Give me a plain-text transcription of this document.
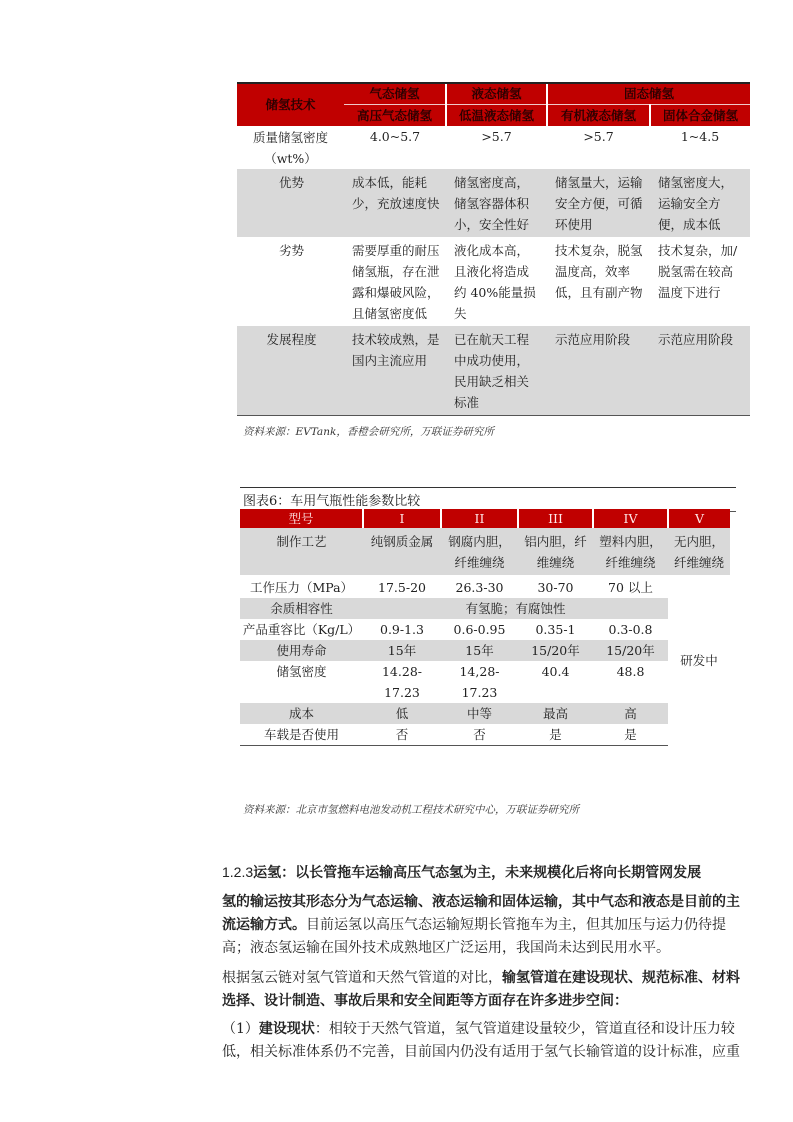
储氢技术	气态储氢	液态储氢	固态储氢	
	高压气态储氢	低温液态储氢	有机液态储氢	固体合金储氢
质量储氢密度（wt%）	4.0~5.7	>5.7	>5.7	1~4.5
优势	成本低，能耗少，充放速度快	储氢密度高，储氢容器体积小，安全性好	储氢量大，运输安全方便，可循环使用	储氢密度大，运输安全方便，成本低
劣势	需要厚重的耐压储氢瓶，存在泄露和爆破风险，且储氢密度低	液化成本高，且液化将造成约 40%能量损失	技术复杂，脱氢温度高，效率低，且有副产物	技术复杂，加/脱氢需在较高温度下进行
发展程度	技术较成熟，是国内主流应用	已在航天工程中成功使用，民用缺乏相关标准	示范应用阶段	示范应用阶段
资料来源：EVTank，香橙会研究所，万联证券研究所
图表6：车用气瓶性能参数比较
型号	I	II	III	IV	V
制作工艺	纯钢质金属	钢腐内胆，纤维缠绕	铝内胆，纤维缠绕	塑料内胆，纤维缠绕	无内胆，纤维缠绕
工作压力（MPa）	17.5-20	26.3-30	30-70	70 以上	研发中
余质相容性	有氢脆；有腐蚀性				
产品重容比（Kg/L）	0.9-1.3	0.6-0.95	0.35-1	0.3-0.8	
使用寿命	15年	15年	15/20年	15/20年	
储氢密度	14.28-17.23	14,28-17.23	40.4	48.8	
成本	低	中等	最高	高	
车载是否使用	否	否	是	是	
资料来源：北京市氢燃料电池发动机工程技术研究中心，万联证券研究所
1.2.3运氢：以长管拖车运输高压气态氢为主，未来规模化后将向长期管网发展
氢的输运按其形态分为气态运输、液态运输和固体运输，其中气态和液态是目前的主流运输方式。目前运氢以高压气态运输短期长管拖车为主，但其加压与运力仍待提高；液态氢运输在国外技术成熟地区广泛运用，我国尚未达到民用水平。
根据氢云链对氢气管道和天然气管道的对比，输氢管道在建设现状、规范标准、材料选择、设计制造、事故后果和安全间距等方面存在许多进步空间：
（1）建设现状：相较于天然气管道，氢气管道建设量较少，管道直径和设计压力较低，相关标准体系仍不完善，目前国内仍没有适用于氢气长输管道的设计标准，应重
